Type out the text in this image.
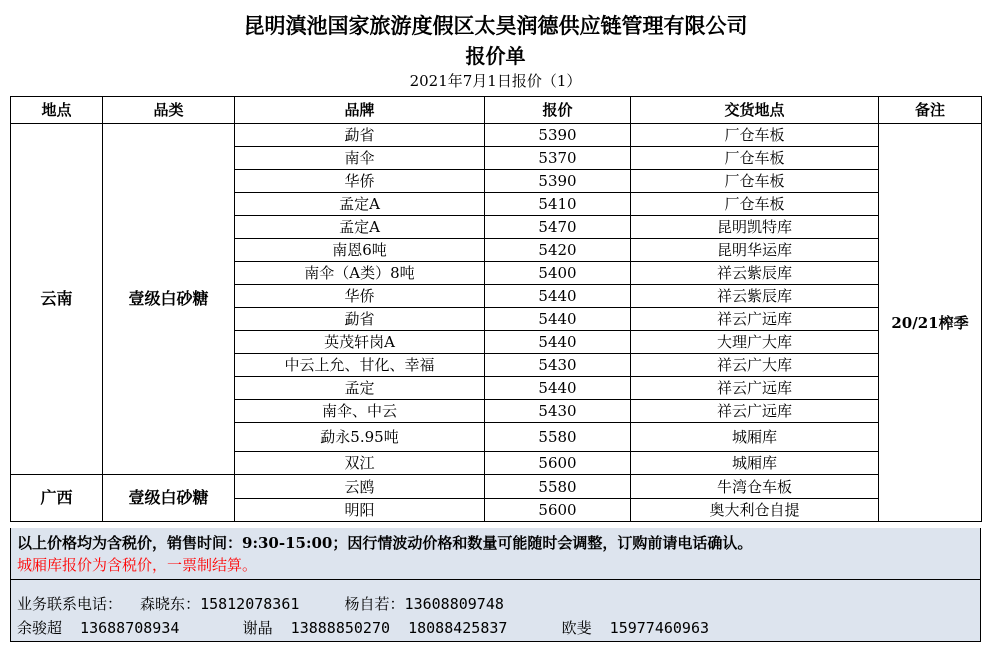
昆明滇池国家旅游度假区太昊润德供应链管理有限公司
报价单
2021年7月1日报价（1）
地点	品类	品牌	报价	交货地点	备注
云南	壹级白砂糖	勐省	5390	厂仓车板	20/21榨季
		南伞	5370	厂仓车板	
		华侨	5390	厂仓车板	
		孟定A	5410	厂仓车板	
		孟定A	5470	昆明凯特库	
		南恩6吨	5420	昆明华运库	
		南伞（A类）8吨	5400	祥云紫辰库	
		华侨	5440	祥云紫辰库	
		勐省	5440	祥云广远库	
		英茂轩岗A	5440	大理广大库	
		中云上允、甘化、幸福	5430	祥云广大库	
		孟定	5440	祥云广远库	
		南伞、中云	5430	祥云广远库	
		勐永5.95吨	5580	城厢库	
		双江	5600	城厢库	
广西	壹级白砂糖	云鸥	5580	牛湾仓车板	
		明阳	5600	奥大利仓自提	
以上价格均为含税价，销售时间：9:30-15:00；因行情波动价格和数量可能随时会调整，订购前请电话确认。
城厢库报价为含税价，一票制结算。
业务联系电话：  森晓东：15812078361     杨自若：13608809748
余骏超  13688708934       谢晶  13888850270  18088425837      欧斐  15977460963
